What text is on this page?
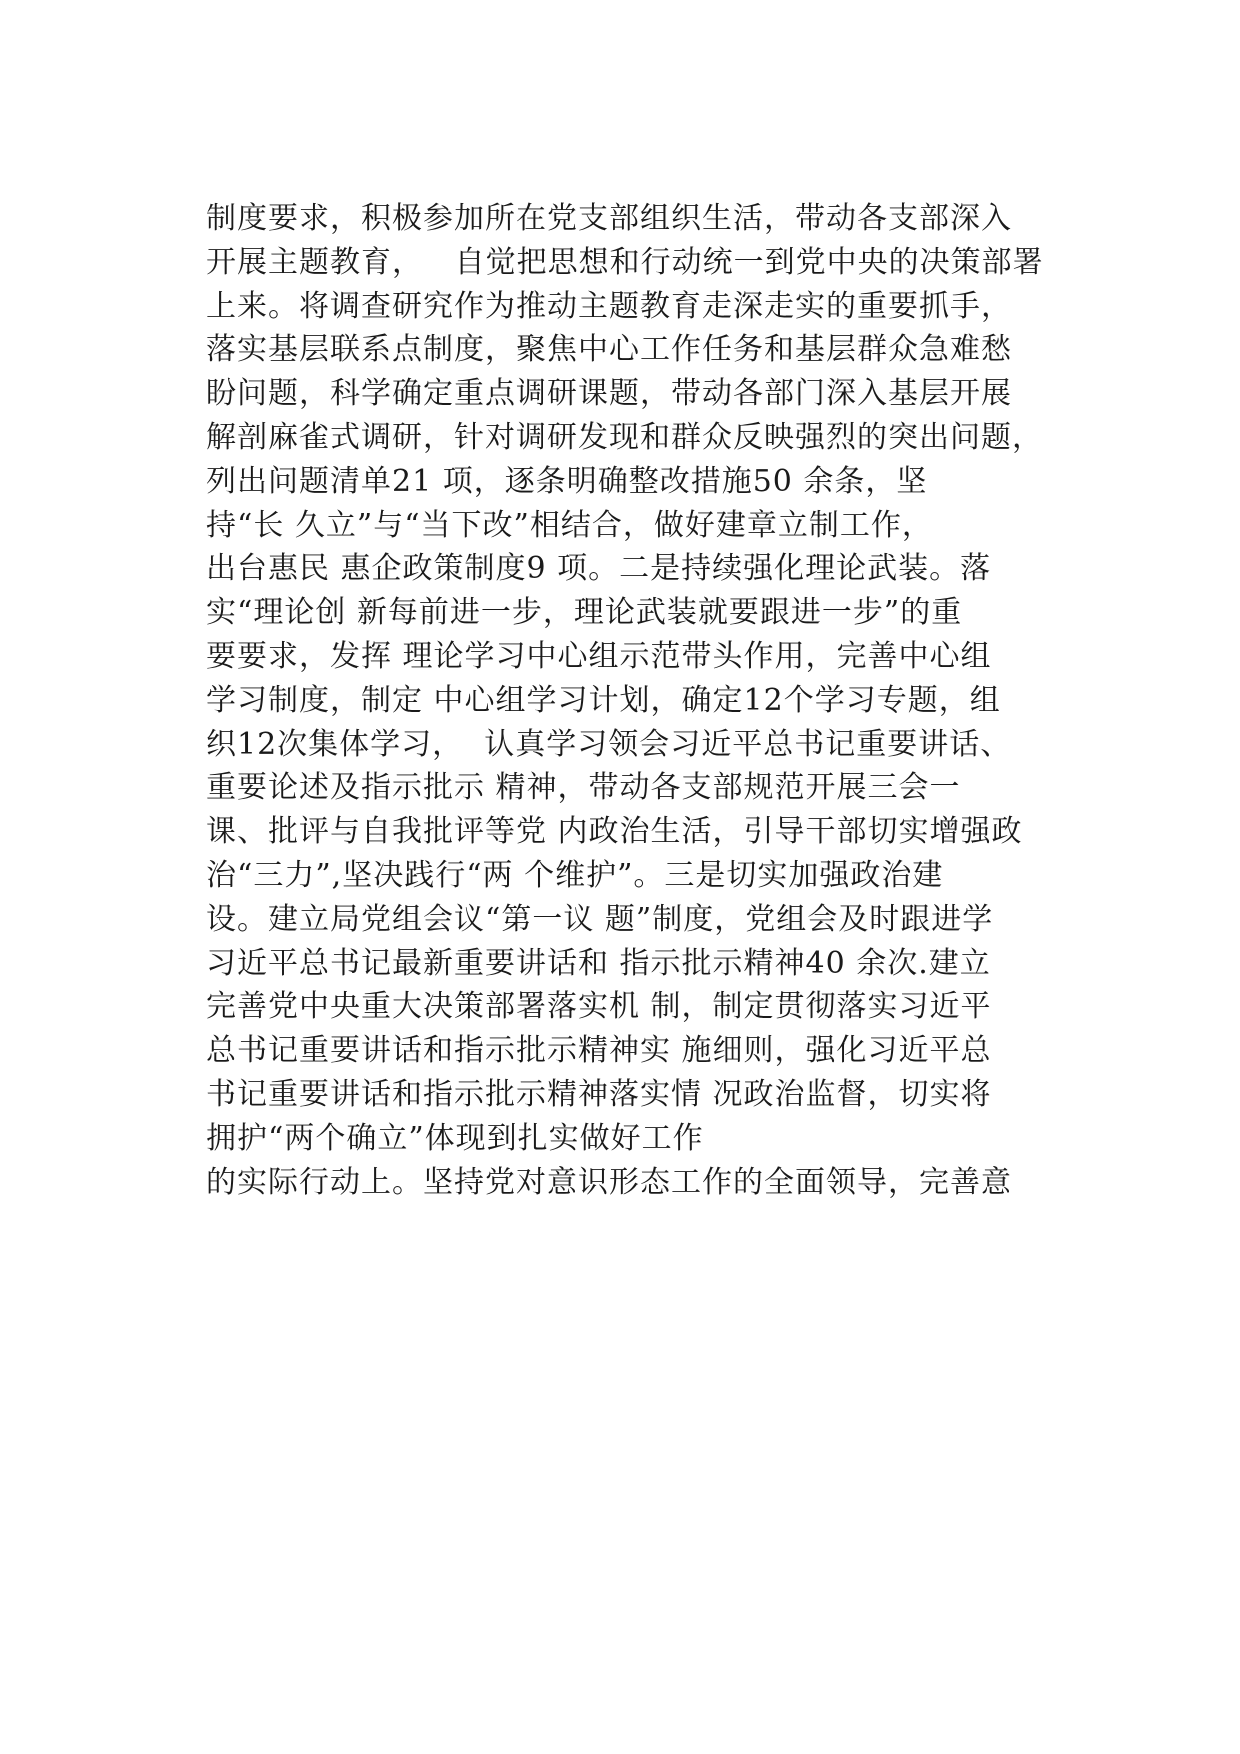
制度要求，积极参加所在党支部组织生活，带动各支部深入
开展主题教育，   自觉把思想和行动统一到党中央的决策部署
上来。将调查研究作为推动主题教育走深走实的重要抓手，
落实基层联系点制度，聚焦中心工作任务和基层群众急难愁
盼问题，科学确定重点调研课题，带动各部门深入基层开展
解剖麻雀式调研，针对调研发现和群众反映强烈的突出问题，
列出问题清单21 项，逐条明确整改措施50 余条，坚
持“长 久立”与“当下改”相结合，做好建章立制工作，
出台惠民 惠企政策制度9 项。二是持续强化理论武装。落
实“理论创 新每前进一步，理论武装就要跟进一步”的重
要要求，发挥 理论学习中心组示范带头作用，完善中心组
学习制度，制定 中心组学习计划，确定12个学习专题，组
织12次集体学习，  认真学习领会习近平总书记重要讲话、
重要论述及指示批示 精神，带动各支部规范开展三会一
课、批评与自我批评等党 内政治生活，引导干部切实增强政
治“三力”,坚决践行“两 个维护”。三是切实加强政治建
设。建立局党组会议“第一议 题”制度，党组会及时跟进学
习近平总书记最新重要讲话和 指示批示精神40 余次.建立
完善党中央重大决策部署落实机 制，制定贯彻落实习近平
总书记重要讲话和指示批示精神实 施细则，强化习近平总
书记重要讲话和指示批示精神落实情 况政治监督，切实将
拥护“两个确立”体现到扎实做好工作
的实际行动上。坚持党对意识形态工作的全面领导，完善意
